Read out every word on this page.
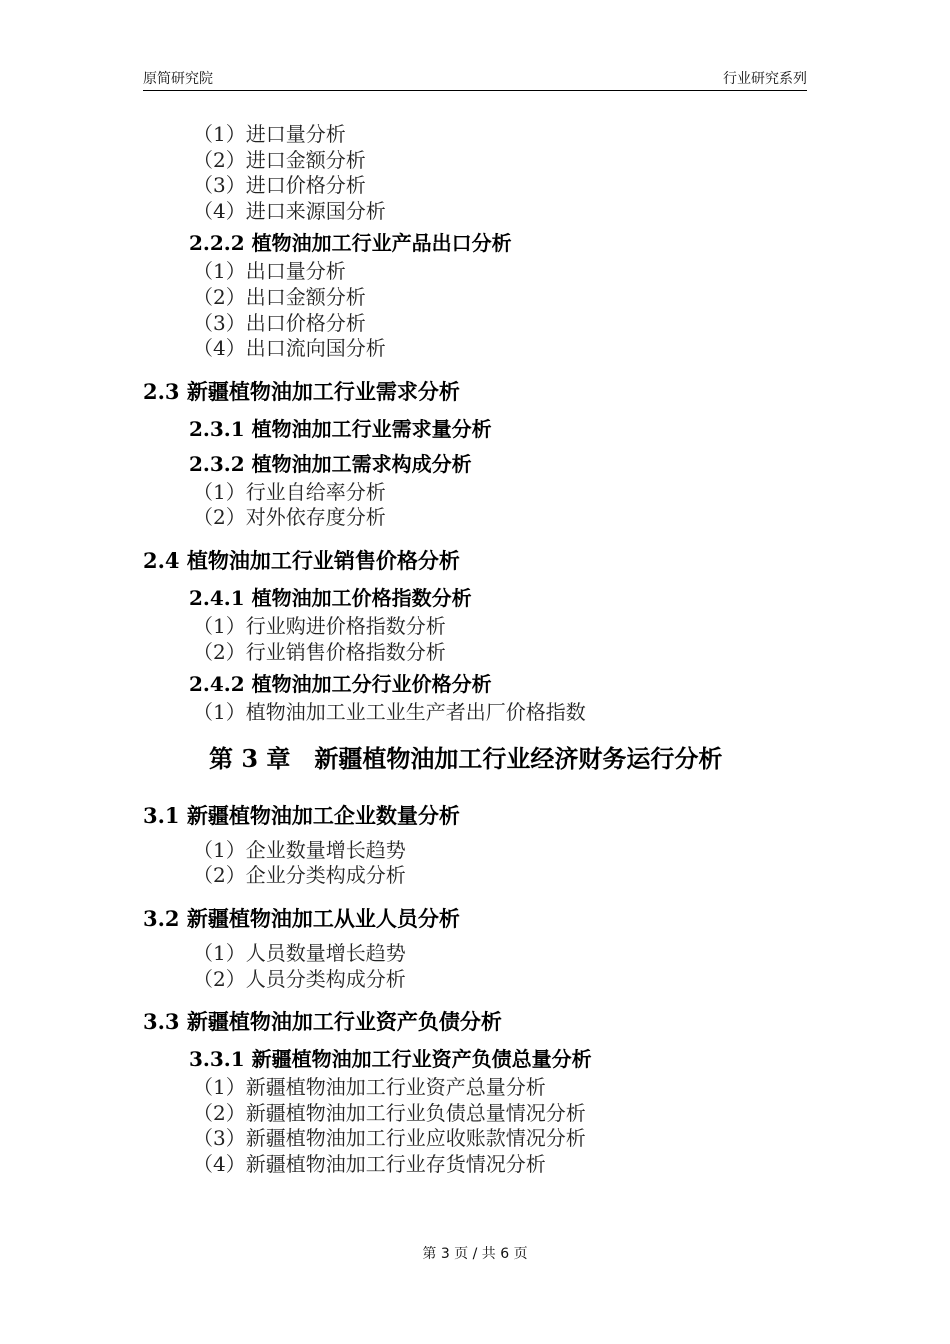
原简研究院	行业研究系列
（1）进口量分析
（2）进口金额分析
（3）进口价格分析
（4）进口来源国分析
2.2.2 植物油加工行业产品出口分析
（1）出口量分析
（2）出口金额分析
（3）出口价格分析
（4）出口流向国分析
2.3 新疆植物油加工行业需求分析
2.3.1 植物油加工行业需求量分析
2.3.2 植物油加工需求构成分析
（1）行业自给率分析
（2）对外依存度分析
2.4 植物油加工行业销售价格分析
2.4.1 植物油加工价格指数分析
（1）行业购进价格指数分析
（2）行业销售价格指数分析
2.4.2 植物油加工分行业价格分析
（1）植物油加工业工业生产者出厂价格指数
第 3 章　新疆植物油加工行业经济财务运行分析
3.1 新疆植物油加工企业数量分析
（1）企业数量增长趋势
（2）企业分类构成分析
3.2 新疆植物油加工从业人员分析
（1）人员数量增长趋势
（2）人员分类构成分析
3.3 新疆植物油加工行业资产负债分析
3.3.1 新疆植物油加工行业资产负债总量分析
（1）新疆植物油加工行业资产总量分析
（2）新疆植物油加工行业负债总量情况分析
（3）新疆植物油加工行业应收账款情况分析
（4）新疆植物油加工行业存货情况分析
第 3 页 / 共 6 页
